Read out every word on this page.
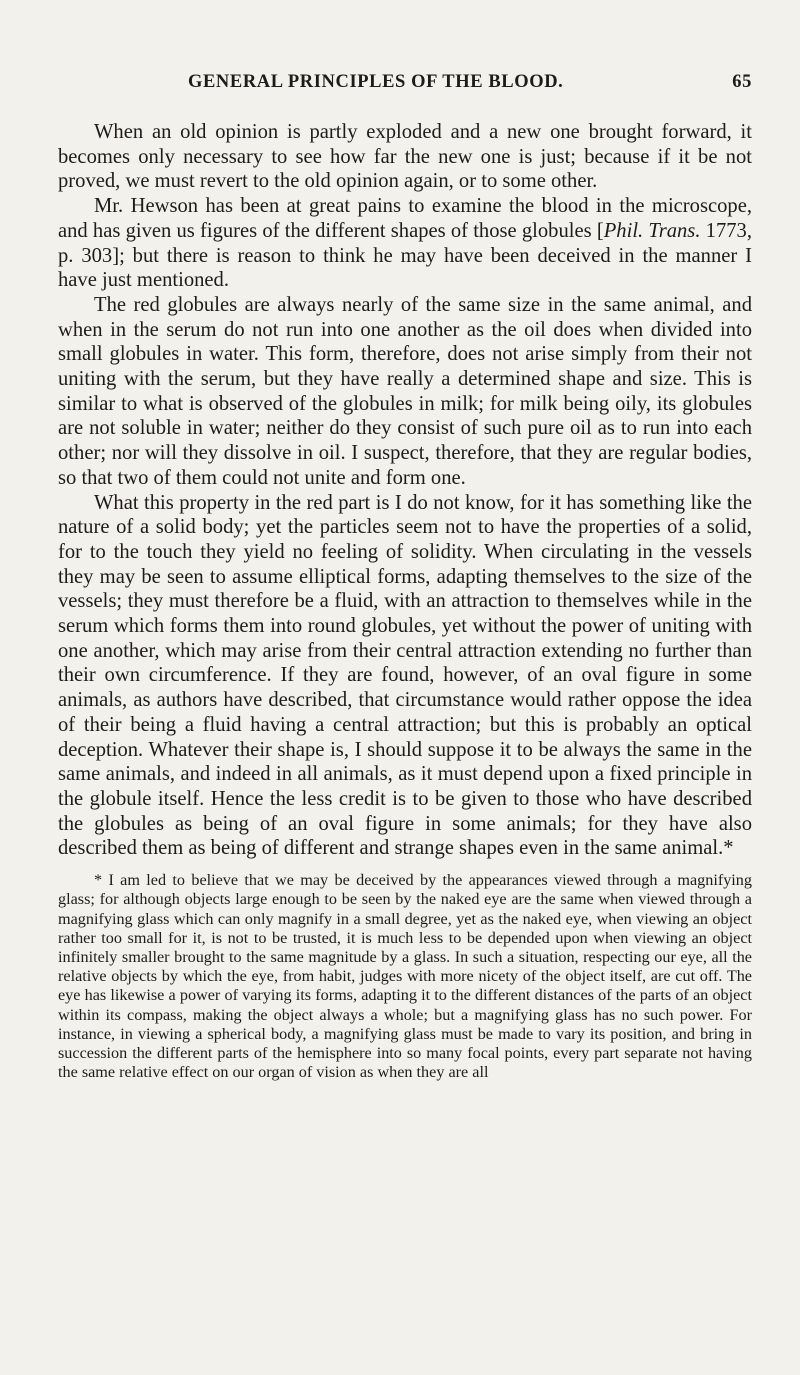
GENERAL PRINCIPLES OF THE BLOOD.	65

When an old opinion is partly exploded and a new one brought forward, it becomes only necessary to see how far the new one is just; because if it be not proved, we must revert to the old opinion again, or to some other.

Mr. Hewson has been at great pains to examine the blood in the microscope, and has given us figures of the different shapes of those globules [Phil. Trans. 1773, p. 303]; but there is reason to think he may have been deceived in the manner I have just mentioned.

The red globules are always nearly of the same size in the same animal, and when in the serum do not run into one another as the oil does when divided into small globules in water. This form, therefore, does not arise simply from their not uniting with the serum, but they have really a determined shape and size. This is similar to what is observed of the globules in milk; for milk being oily, its globules are not soluble in water; neither do they consist of such pure oil as to run into each other; nor will they dissolve in oil. I suspect, therefore, that they are regular bodies, so that two of them could not unite and form one.

What this property in the red part is I do not know, for it has something like the nature of a solid body; yet the particles seem not to have the properties of a solid, for to the touch they yield no feeling of solidity. When circulating in the vessels they may be seen to assume elliptical forms, adapting themselves to the size of the vessels; they must therefore be a fluid, with an attraction to themselves while in the serum which forms them into round globules, yet without the power of uniting with one another, which may arise from their central attraction extending no further than their own circumference. If they are found, however, of an oval figure in some animals, as authors have described, that circumstance would rather oppose the idea of their being a fluid having a central attraction; but this is probably an optical deception. Whatever their shape is, I should suppose it to be always the same in the same animals, and indeed in all animals, as it must depend upon a fixed principle in the globule itself. Hence the less credit is to be given to those who have described the globules as being of an oval figure in some animals; for they have also described them as being of different and strange shapes even in the same animal.*

* I am led to believe that we may be deceived by the appearances viewed through a magnifying glass; for although objects large enough to be seen by the naked eye are the same when viewed through a magnifying glass which can only magnify in a small degree, yet as the naked eye, when viewing an object rather too small for it, is not to be trusted, it is much less to be depended upon when viewing an object infinitely smaller brought to the same magnitude by a glass. In such a situation, respecting our eye, all the relative objects by which the eye, from habit, judges with more nicety of the object itself, are cut off. The eye has likewise a power of varying its forms, adapting it to the different distances of the parts of an object within its compass, making the object always a whole; but a magnifying glass has no such power. For instance, in viewing a spherical body, a magnifying glass must be made to vary its position, and bring in succession the different parts of the hemisphere into so many focal points, every part separate not having the same relative effect on our organ of vision as when they are all
